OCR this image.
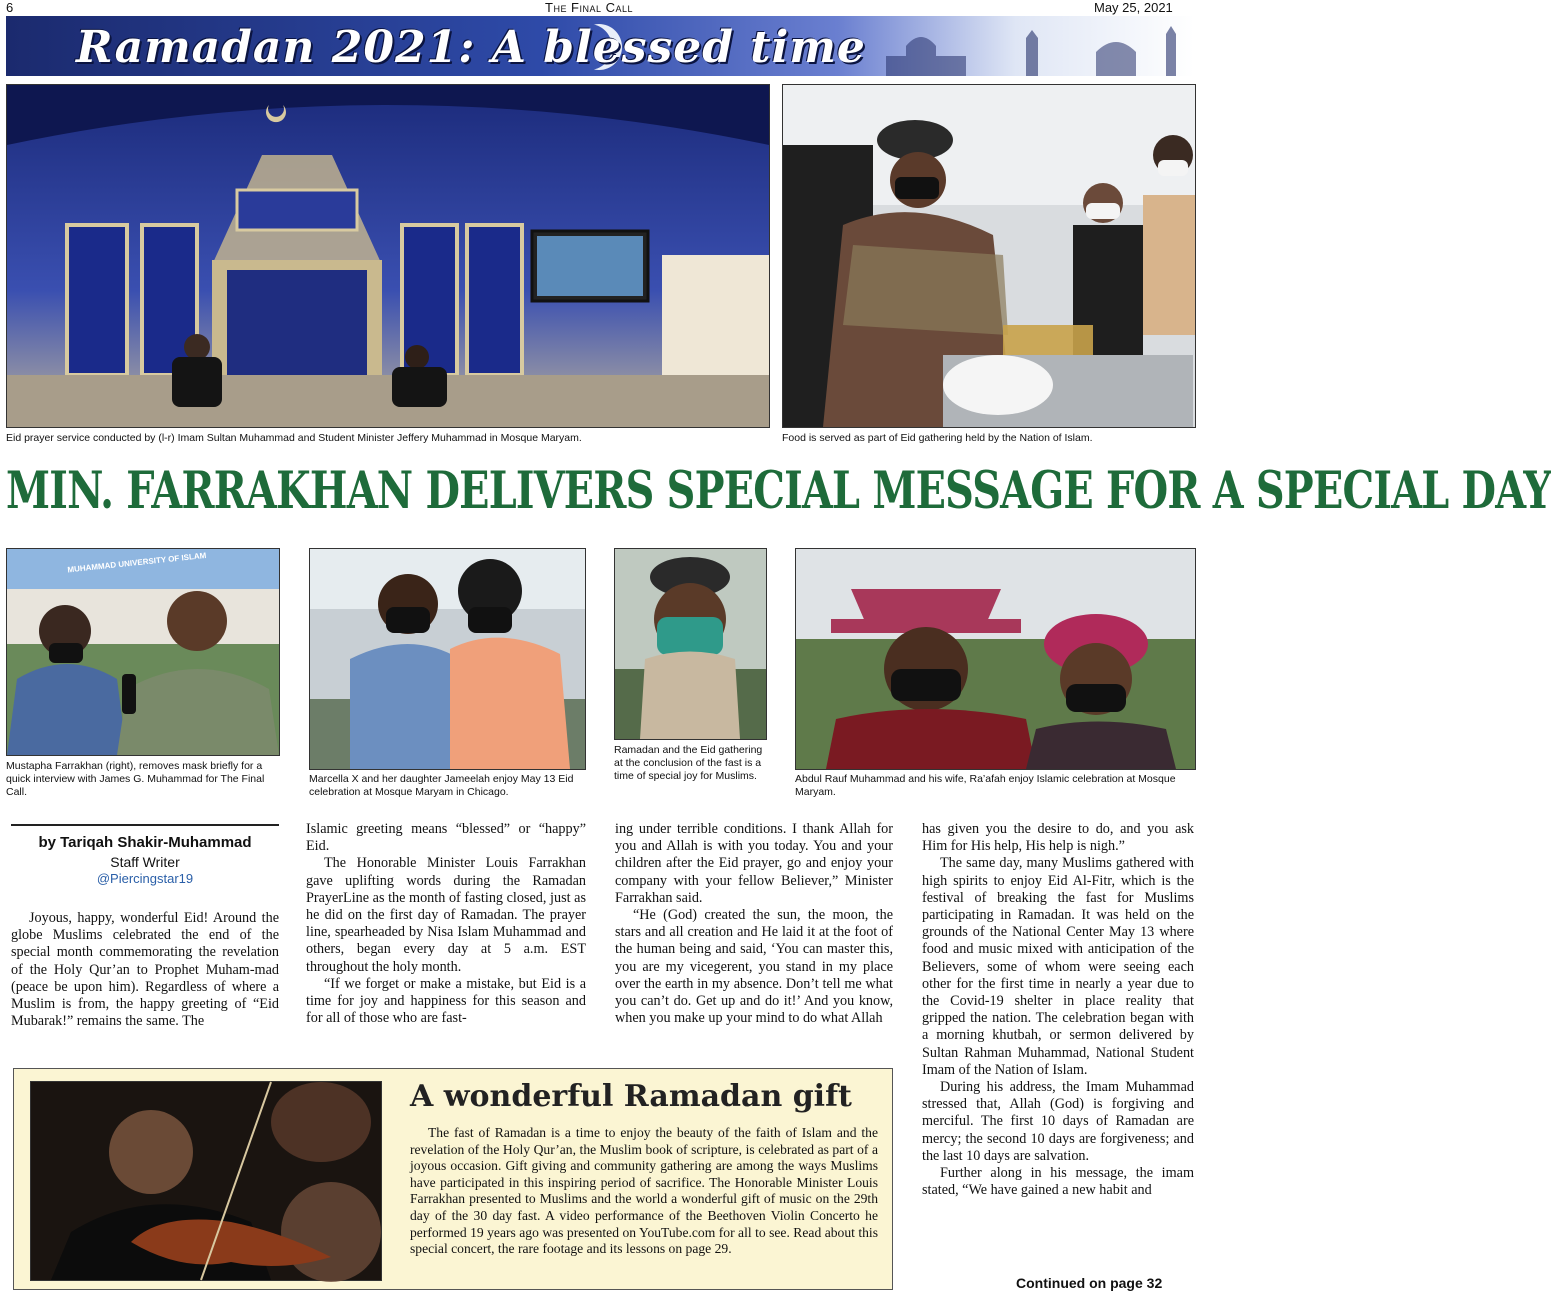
6	The Final Call	May 25, 2021
Ramadan 2021: A blessed time
Eid prayer service conducted by (l-r) Imam Sultan Muhammad and Student Minister Jeffery Muhammad in Mosque Maryam.	Food is served as part of Eid gathering held by the Nation of Islam.
MIN. FARRAKHAN DELIVERS SPECIAL MESSAGE FOR A SPECIAL DAY
MUHAMMAD UNIVERSITY OF ISLAM
Mustapha Farrakhan (right), removes mask briefly for a quick interview with James G. Muhammad for The Final Call.
Marcella X and her daughter Jameelah enjoy May 13 Eid celebration at Mosque Maryam in Chicago.
Ramadan and the Eid gathering at the conclusion of the fast is a time of special joy for Muslims.	Abdul Rauf Muhammad and his wife, Ra’afah enjoy Islamic celebration at Mosque Maryam.
by Tariqah Shakir-Muhammad
Staff Writer
@Piercingstar19

Joyous, happy, wonderful Eid! Around the globe Muslims celebrated the end of the special month commemorating the revelation of the Holy Qur’an to Prophet Muham-mad (peace be upon him). Regardless of where a Muslim is from, the happy greeting of “Eid Mubarak!” remains the same. The

Islamic greeting means “blessed” or “happy” Eid.

The Honorable Minister Louis Farrakhan gave uplifting words during the Ramadan PrayerLine as the month of fasting closed, just as he did on the first day of Ramadan. The prayer line, spearheaded by Nisa Islam Muhammad and others, began every day at 5 a.m. EST throughout the holy month.

“If we forget or make a mistake, but Eid is a time for joy and happiness for this season and for all of those who are fast-

ing under terrible conditions. I thank Allah for you and Allah is with you today. You and your children after the Eid prayer, go and enjoy your company with your fellow Believer,” Minister Farrakhan said.

“He (God) created the sun, the moon, the stars and all creation and He laid it at the foot of the human being and said, ‘You can master this, you are my vicegerent, you stand in my place over the earth in my absence. Don’t tell me what you can’t do. Get up and do it!’ And you know, when you make up your mind to do what Allah

has given you the desire to do, and you ask Him for His help, His help is nigh.”

The same day, many Muslims gathered with high spirits to enjoy Eid Al-Fitr, which is the festival of breaking the fast for Muslims participating in Ramadan. It was held on the grounds of the National Center May 13 where food and music mixed with anticipation of the Believers, some of whom were seeing each other for the first time in nearly a year due to the Covid-19 shelter in place reality that gripped the nation. The celebration began with a morning khutbah, or sermon delivered by Sultan Rahman Muhammad, National Student Imam of the Nation of Islam.

During his address, the Imam Muhammad stressed that, Allah (God) is forgiving and merciful. The first 10 days of Ramadan are mercy; the second 10 days are forgiveness; and the last 10 days are salvation.

Further along in his message, the imam stated, “We have gained a new habit and

Continued on page 32
A wonderful Ramadan gift
The fast of Ramadan is a time to enjoy the beauty of the faith of Islam and the revelation of the Holy Qur’an, the Muslim book of scripture, is celebrated as part of a joyous occasion. Gift giving and community gathering are among the ways Muslims have participated in this inspiring period of sacrifice. The Honorable Minister Louis Farrakhan presented to Muslims and the world a wonderful gift of music on the 29th day of the 30 day fast. A video performance of the Beethoven Violin Concerto he performed 19 years ago was presented on YouTube.com for all to see. Read about this special concert, the rare footage and its lessons on page 29.
